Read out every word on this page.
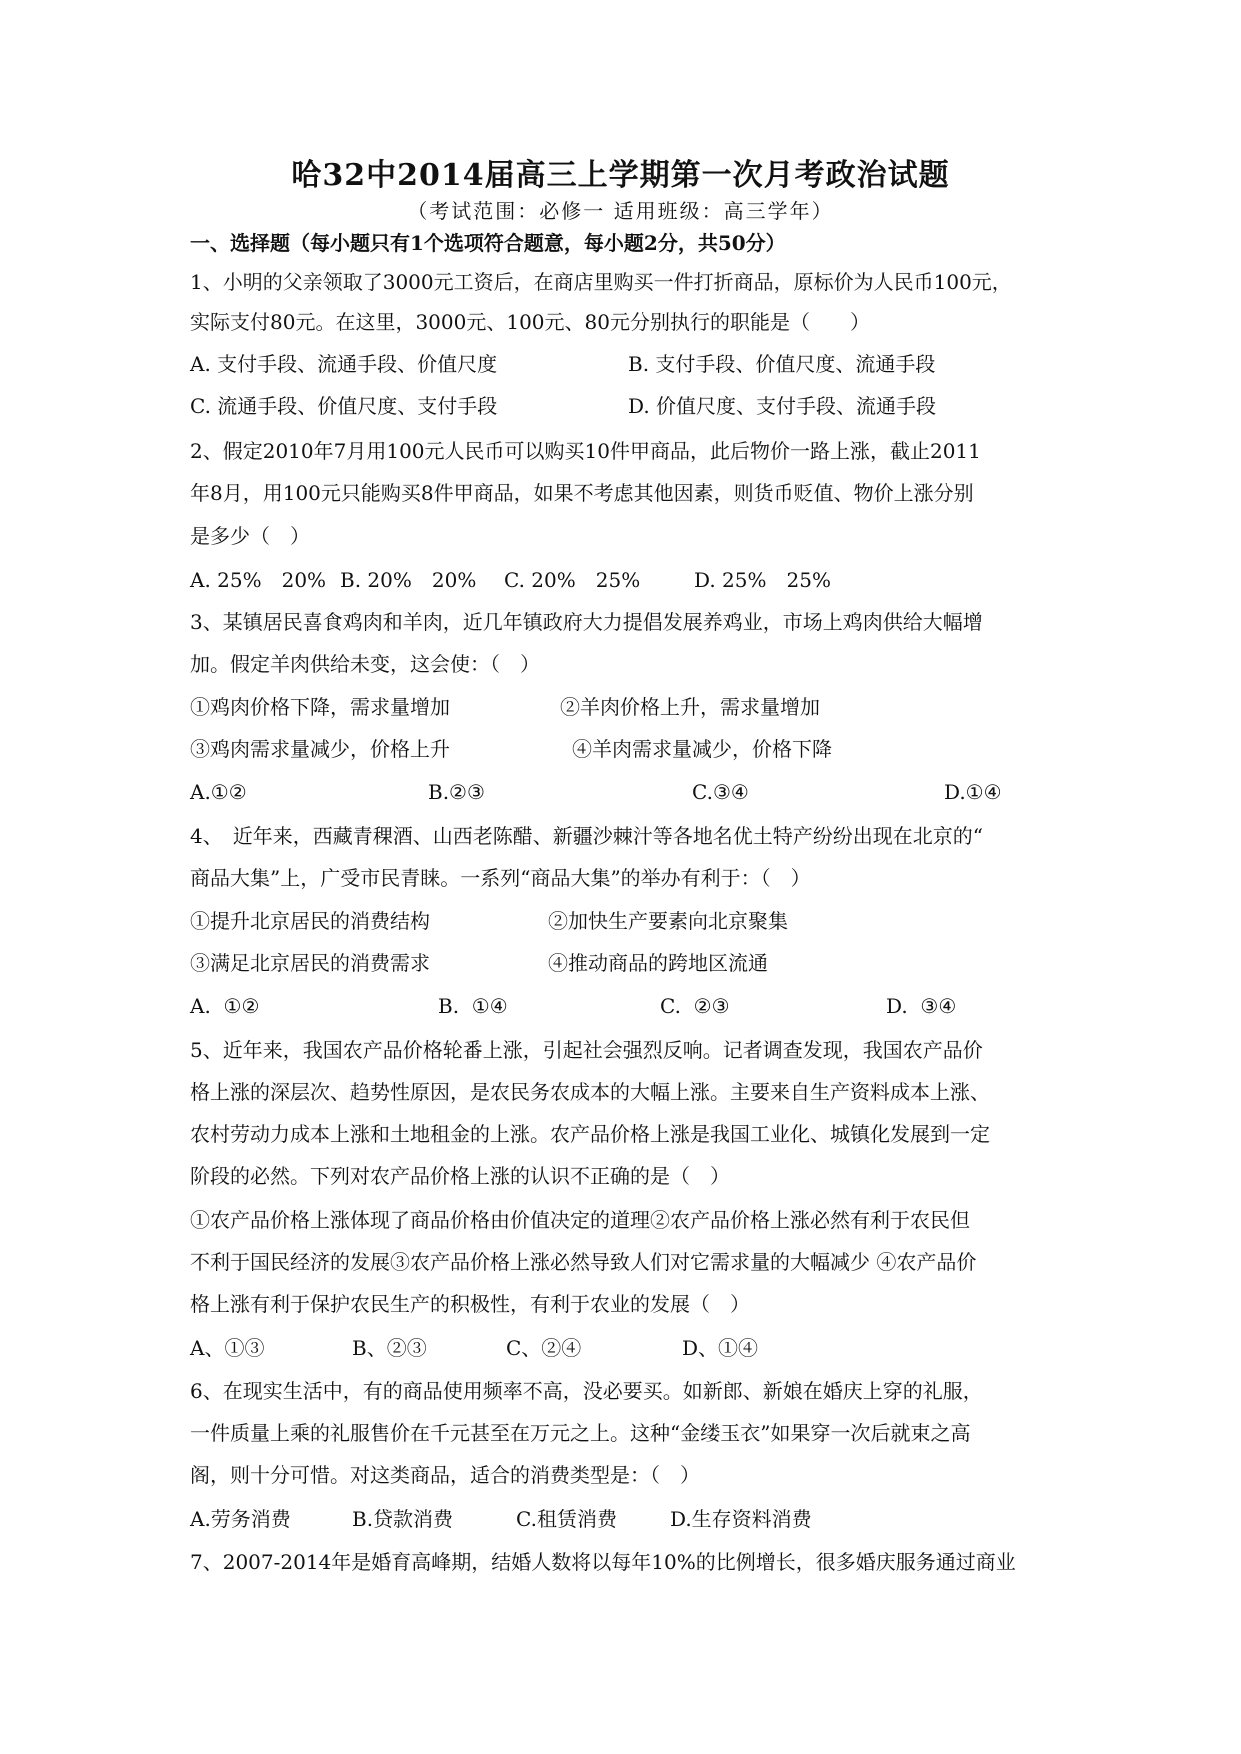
哈32中2014届高三上学期第一次月考政治试题
（考试范围：必修一 适用班级：高三学年）
一、选择题（每小题只有1个选项符合题意，每小题2分，共50分）
1、小明的父亲领取了3000元工资后，在商店里购买一件打折商品，原标价为人民币100元，
实际支付80元。在这里，3000元、100元、80元分别执行的职能是（　　）
A. 支付手段、流通手段、价值尺度	B. 支付手段、价值尺度、流通手段
C. 流通手段、价值尺度、支付手段	D. 价值尺度、支付手段、流通手段
2、假定2010年7月用100元人民币可以购买10件甲商品，此后物价一路上涨，截止2011
年8月，用100元只能购买8件甲商品，如果不考虑其他因素，则货币贬值、物价上涨分别
是多少（　）
A. 25%　20% B. 20%　20% C. 20%　25%	D. 25%　25%
3、某镇居民喜食鸡肉和羊肉，近几年镇政府大力提倡发展养鸡业，市场上鸡肉供给大幅增
加。假定羊肉供给未变，这会使：（　）
①鸡肉价格下降，需求量增加	②羊肉价格上升，需求量增加
③鸡肉需求量减少，价格上升	④羊肉需求量减少，价格下降
A.①②	B.②③	C.③④	D.①④
4、　近年来，西藏青稞酒、山西老陈醋、新疆沙棘汁等各地名优土特产纷纷出现在北京的“
商品大集”上，广受市民青睐。一系列“商品大集”的举办有利于：（　）
①提升北京居民的消费结构	②加快生产要素向北京聚集
③满足北京居民的消费需求	④推动商品的跨地区流通
A.  ①②	B.  ①④	C.  ②③	D.  ③④
5、近年来，我国农产品价格轮番上涨，引起社会强烈反响。记者调查发现，我国农产品价
格上涨的深层次、趋势性原因，是农民务农成本的大幅上涨。主要来自生产资料成本上涨、
农村劳动力成本上涨和土地租金的上涨。农产品价格上涨是我国工业化、城镇化发展到一定
阶段的必然。下列对农产品价格上涨的认识不正确的是（　）
①农产品价格上涨体现了商品价格由价值决定的道理②农产品价格上涨必然有利于农民但
不利于国民经济的发展③农产品价格上涨必然导致人们对它需求量的大幅减少 ④农产品价
格上涨有利于保护农民生产的积极性，有利于农业的发展（　）
A、①③	B、②③	C、②④	D、①④
6、在现实生活中，有的商品使用频率不高，没必要买。如新郎、新娘在婚庆上穿的礼服，
一件质量上乘的礼服售价在千元甚至在万元之上。这种“金缕玉衣”如果穿一次后就束之高
阁，则十分可惜。对这类商品，适合的消费类型是：（　）
A.劳务消费	B.贷款消费	C.租赁消费	D.生存资料消费
7、2007-2014年是婚育高峰期，结婚人数将以每年10%的比例增长，很多婚庆服务通过商业
